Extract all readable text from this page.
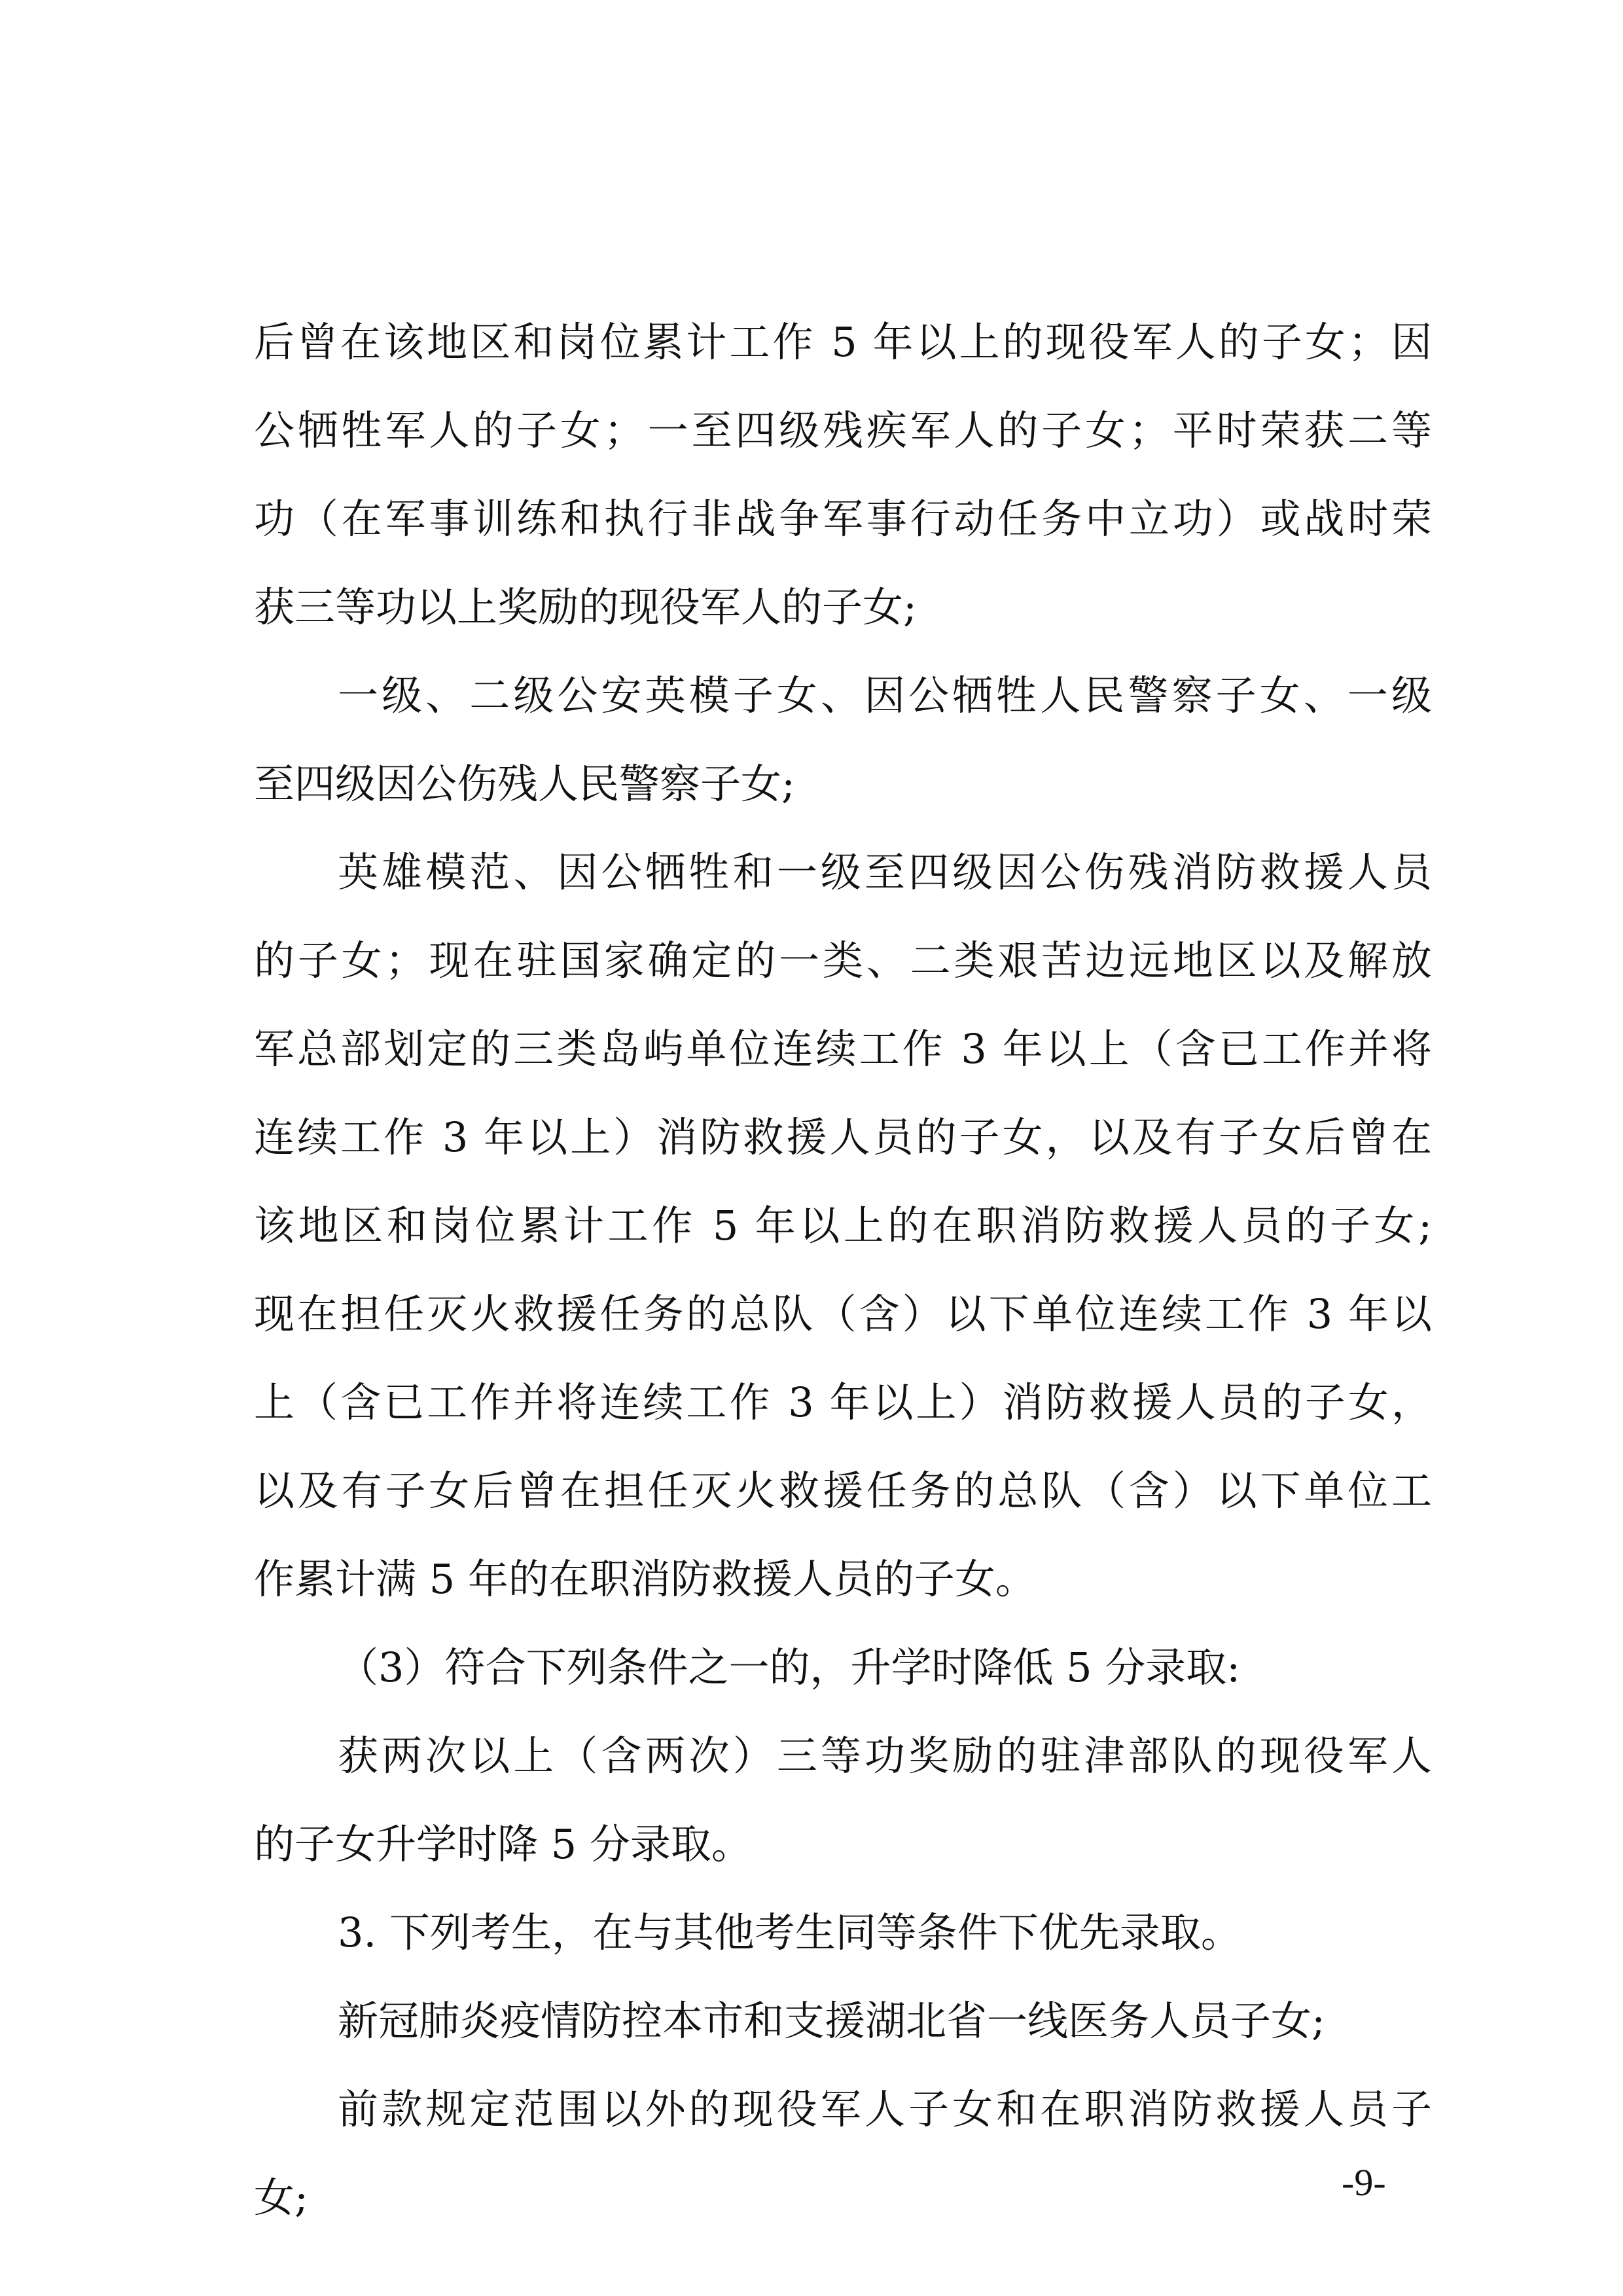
后曾在该地区和岗位累计工作 5 年以上的现役军人的子女；因
公牺牲军人的子女；一至四级残疾军人的子女；平时荣获二等
功（在军事训练和执行非战争军事行动任务中立功）或战时荣
获三等功以上奖励的现役军人的子女;
一级、二级公安英模子女、因公牺牲人民警察子女、一级
至四级因公伤残人民警察子女;
英雄模范、因公牺牲和一级至四级因公伤残消防救援人员
的子女；现在驻国家确定的一类、二类艰苦边远地区以及解放
军总部划定的三类岛屿单位连续工作 3 年以上（含已工作并将
连续工作 3 年以上）消防救援人员的子女，以及有子女后曾在
该地区和岗位累计工作 5 年以上的在职消防救援人员的子女;
现在担任灭火救援任务的总队（含）以下单位连续工作 3 年以
上（含已工作并将连续工作 3 年以上）消防救援人员的子女，
以及有子女后曾在担任灭火救援任务的总队（含）以下单位工
作累计满 5 年的在职消防救援人员的子女。
（3）符合下列条件之一的，升学时降低 5 分录取:
获两次以上（含两次）三等功奖励的驻津部队的现役军人
的子女升学时降 5 分录取。
3. 下列考生，在与其他考生同等条件下优先录取。
新冠肺炎疫情防控本市和支援湖北省一线医务人员子女;
前款规定范围以外的现役军人子女和在职消防救援人员子
女;	-9-
